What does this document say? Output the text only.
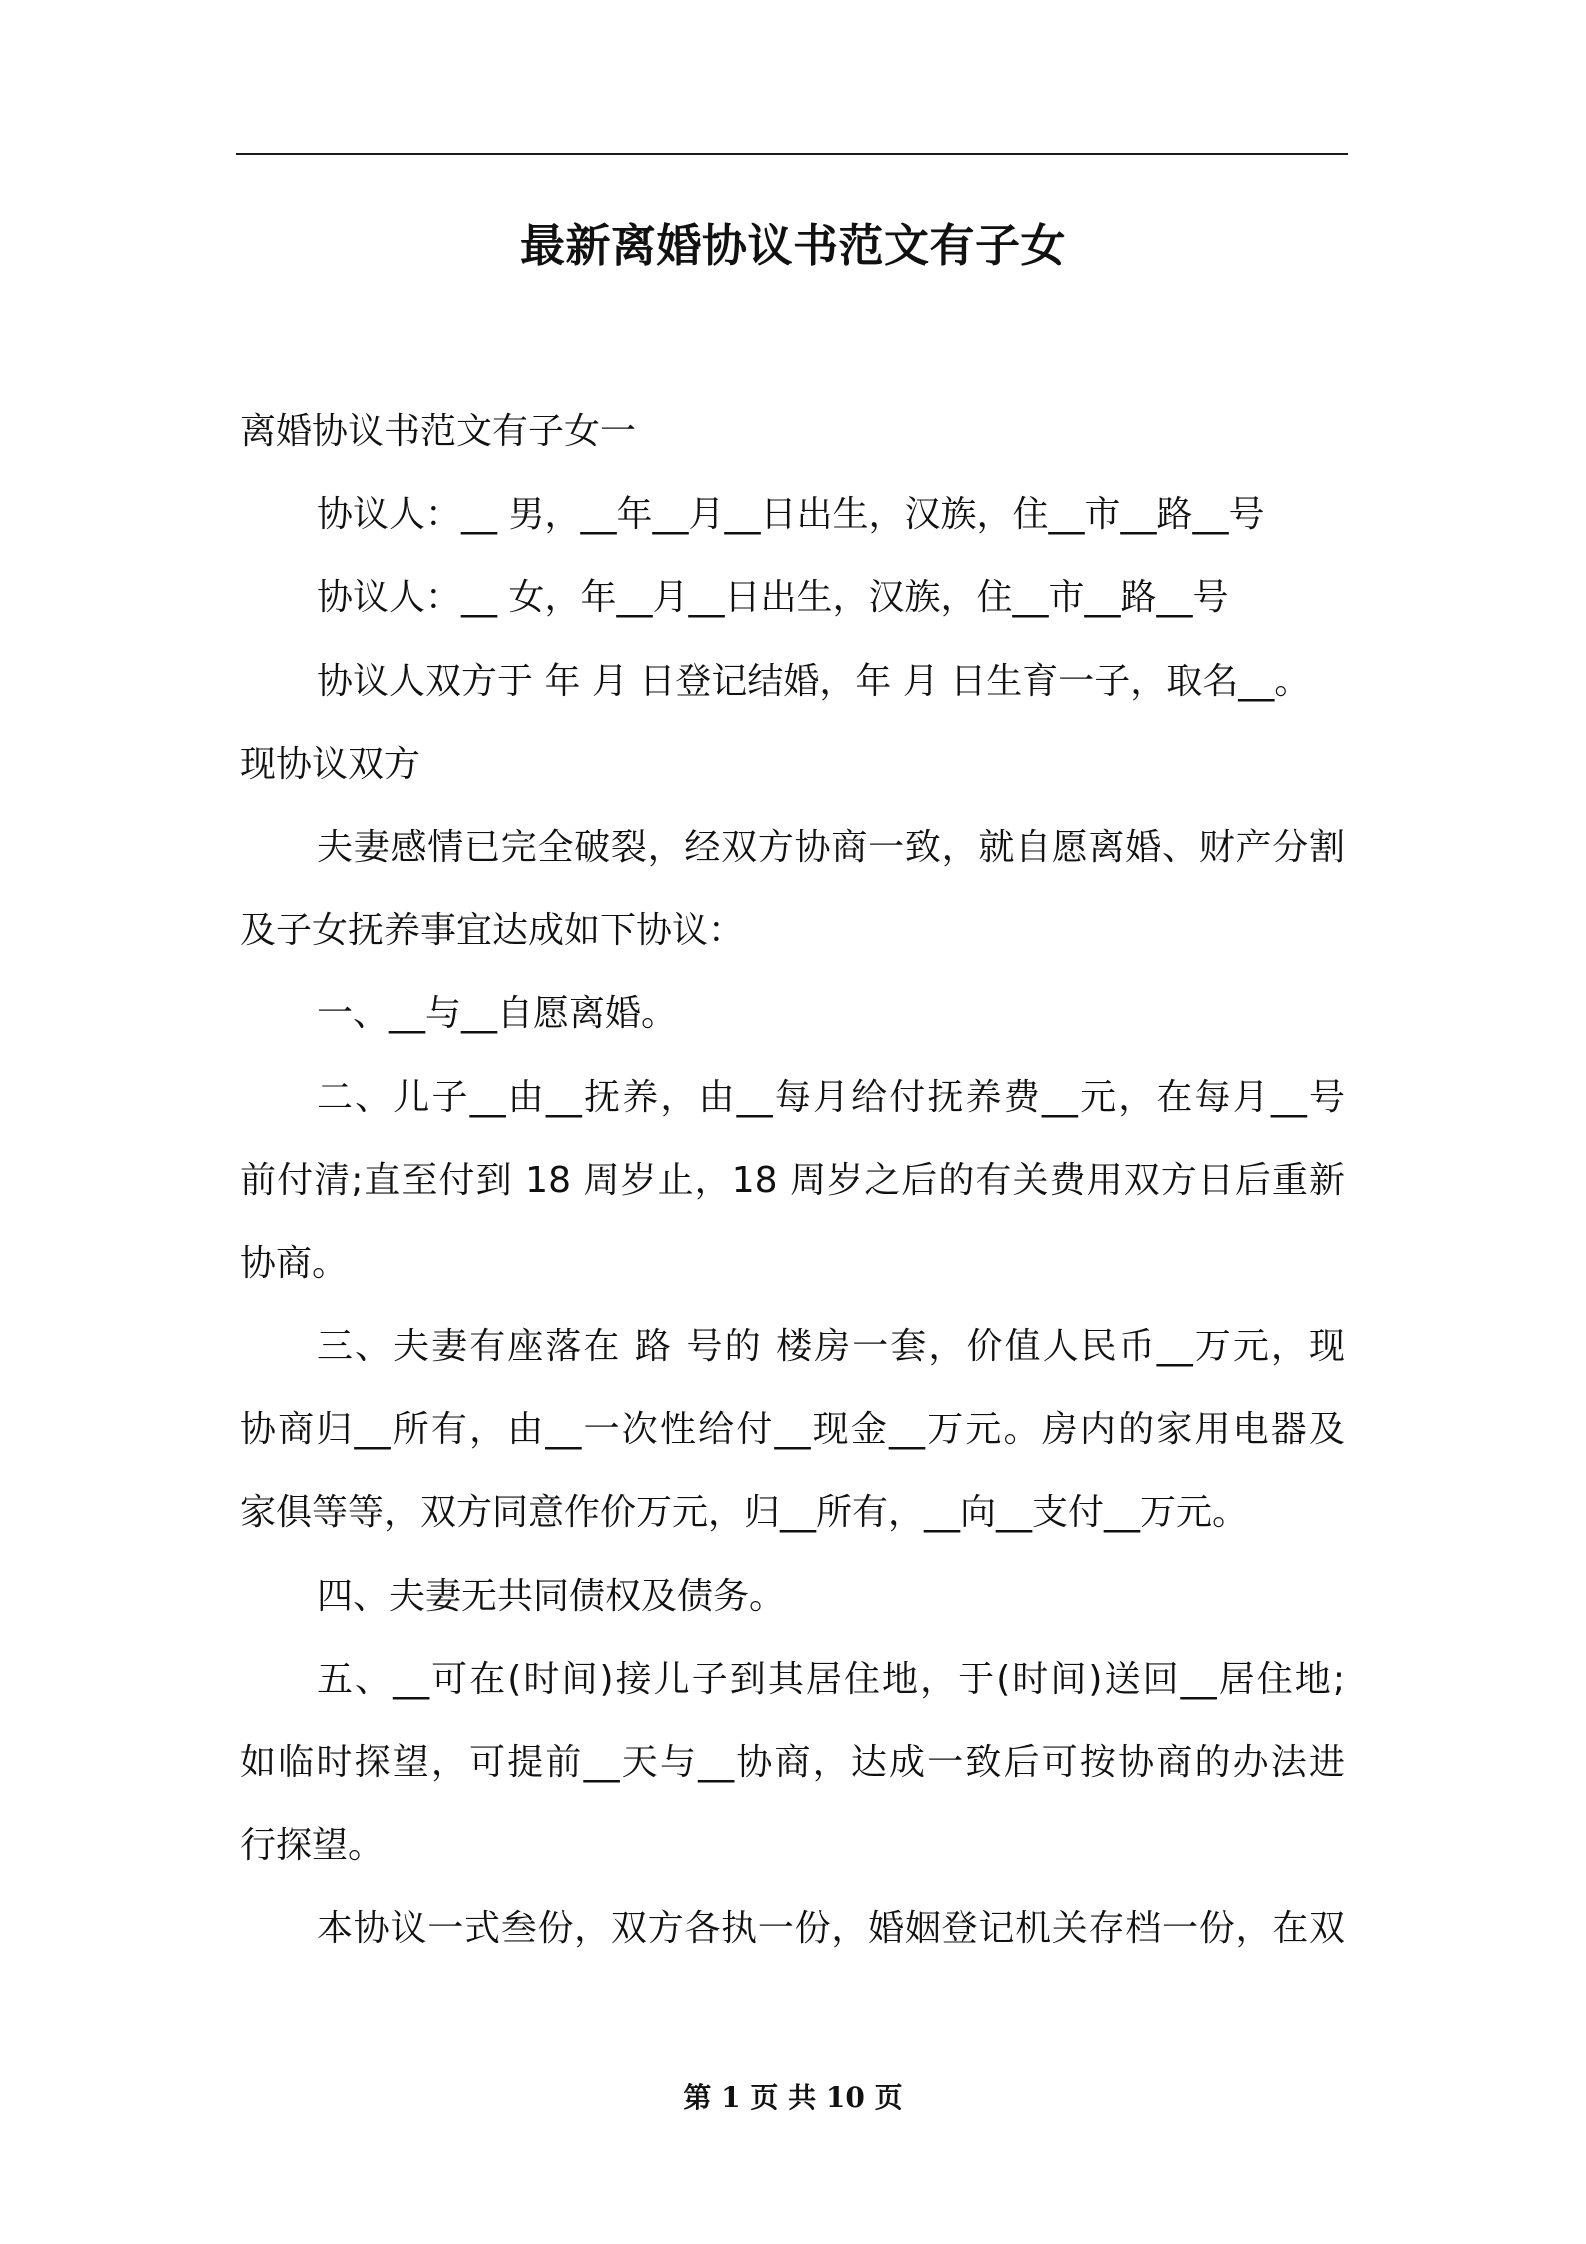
最新离婚协议书范文有子女
离婚协议书范文有子女一
协议人：__ 男，__年__月__日出生，汉族，住__市__路__号
协议人：__ 女，年__月__日出生，汉族，住__市__路__号
协议人双方于 年 月 日登记结婚，年 月 日生育一子，取名__。
现协议双方
夫妻感情已完全破裂，经双方协商一致，就自愿离婚、财产分割
及子女抚养事宜达成如下协议：
一、__与__自愿离婚。
二、儿子__由__抚养，由__每月给付抚养费__元，在每月__号
前付清;直至付到 18 周岁止，18 周岁之后的有关费用双方日后重新
协商。
三、夫妻有座落在 路 号的 楼房一套，价值人民币__万元，现
协商归__所有，由__一次性给付__现金__万元。房内的家用电器及
家俱等等，双方同意作价万元，归__所有，__向__支付__万元。
四、夫妻无共同债权及债务。
五、__可在(时间)接儿子到其居住地，于(时间)送回__居住地;
如临时探望，可提前__天与__协商，达成一致后可按协商的办法进
行探望。
本协议一式叁份，双方各执一份，婚姻登记机关存档一份，在双
第 1 页 共 10 页
